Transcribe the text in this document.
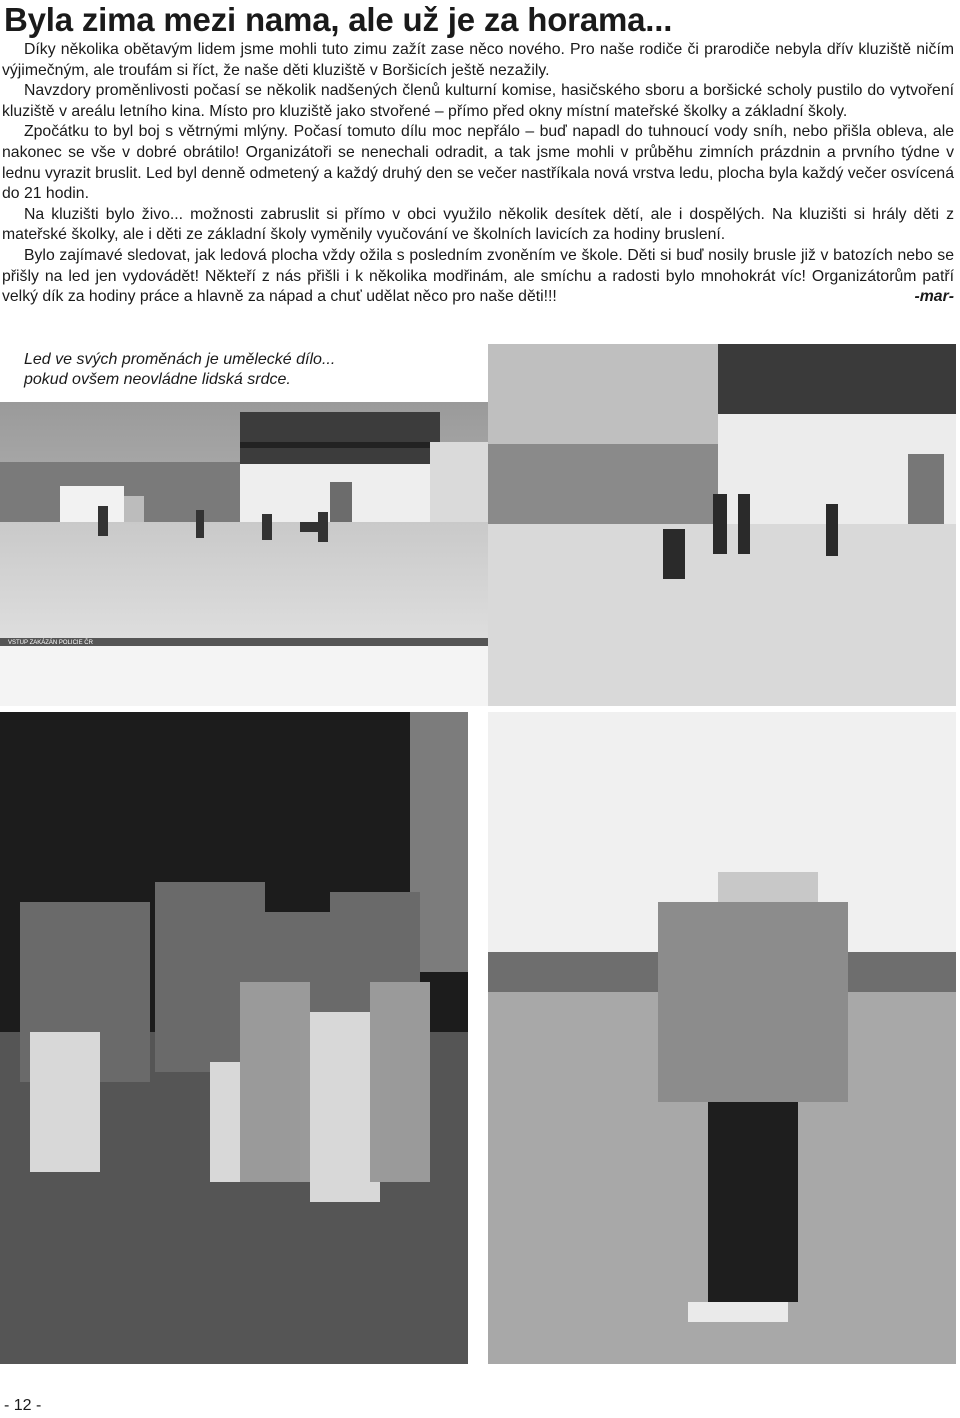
Byla zima mezi nama, ale už je za horama...

Díky několika obětavým lidem jsme mohli tuto zimu zažít zase něco nového. Pro naše rodiče či prarodiče nebyla dřív kluziště ničím výjimečným, ale troufám si říct, že naše děti kluziště v Boršicích ještě nezažily.

Navzdory proměnlivosti počasí se několik nadšených členů kulturní komise, hasičského sboru a boršické scholy pustilo do vytvoření kluziště v areálu letního kina. Místo pro kluziště jako stvořené – přímo před okny místní mateřské školky a základní školy.

Zpočátku to byl boj s větrnými mlýny. Počasí tomuto dílu moc nepřálo – buď napadl do tuhnoucí vody sníh, nebo přišla obleva, ale nakonec se vše v dobré obrátilo! Organizátoři se nenechali odradit, a tak jsme mohli v průběhu zimních prázdnin a prvního týdne v lednu vyrazit bruslit. Led byl denně odmetený a každý druhý den se večer nastříkala nová vrstva ledu, plocha byla každý večer osvícená do 21 hodin.

Na kluzišti bylo živo... možnosti zabruslit si přímo v obci využilo několik desítek dětí, ale i dospělých. Na kluzišti si hrály děti z mateřské školky, ale i děti ze základní školy vyměnily vyučování ve školních lavicích za hodiny bruslení.

Bylo zajímavé sledovat, jak ledová plocha vždy ožila s posledním zvoněním ve škole. Děti si buď nosily brusle již v batozích nebo se přišly na led jen vydovádět! Někteří z nás přišli i k několika modřinám, ale smíchu a radosti bylo mnohokrát víc! Organizátorům patří velký dík za hodiny práce a hlavně za nápad a chuť udělat něco pro naše děti!!!	-mar-

Led ve svých proměnách je umělecké dílo...
pokud ovšem neovládne lidská srdce.
VSTUP ZAKÁZÁN POLICIE ČR
- 12 -
